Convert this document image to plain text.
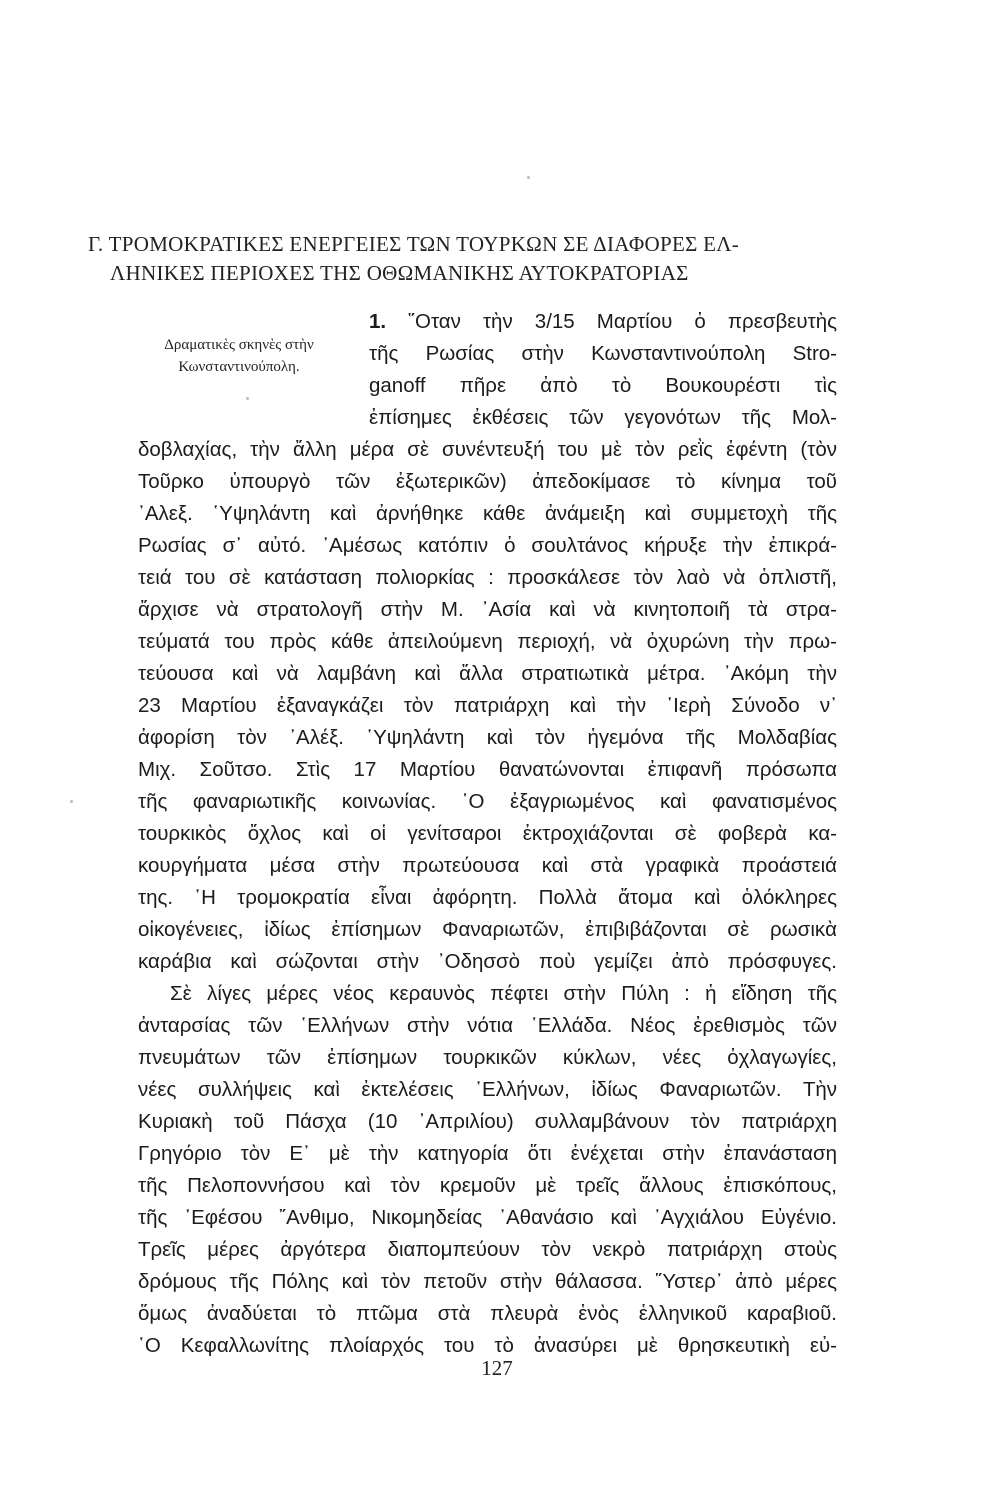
Γ. ΤΡΟΜΟΚΡΑΤΙΚΕΣ ΕΝΕΡΓΕΙΕΣ ΤΩΝ ΤΟΥΡΚΩΝ ΣΕ ΔΙΑΦΟΡΕΣ ΕΛ-
ΛΗΝΙΚΕΣ ΠΕΡΙΟΧΕΣ ΤΗΣ ΟΘΩΜΑΝΙΚΗΣ ΑΥΤΟΚΡΑΤΟΡΙΑΣ
Δραματικὲς σκηνὲς στὴν
Κωνσταντινούπολη.
1. ῞Οταν τὴν 3/15 Μαρτίου ὁ πρεσβευτὴς
τῆς Ρωσίας στὴν Κωνσταντινούπολη Stro-
ganoff πῆρε ἀπὸ τὸ Βουκουρέστι τὶς
ἐπίσημες ἐκθέσεις τῶν γεγονότων τῆς Μολ-
δοβλαχίας, τὴν ἄλλη μέρα σὲ συνέντευξή του μὲ τὸν ρεῒς ἐφέντη (τὸν
Τοῦρκο ὑπουργὸ τῶν ἐξωτερικῶν) ἀπεδοκίμασε τὸ κίνημα τοῦ
᾿Αλεξ. ῾Υψηλάντη καὶ ἀρνήθηκε κάθε ἀνάμειξη καὶ συμμετοχὴ τῆς
Ρωσίας σ᾿ αὐτό. ᾿Αμέσως κατόπιν ὁ σουλτάνος κήρυξε τὴν ἐπικρά-
τειά του σὲ κατάσταση πολιορκίας : προσκάλεσε τὸν λαὸ νὰ ὁπλιστῆ,
ἄρχισε νὰ στρατολογῆ στὴν Μ. ᾿Ασία καὶ νὰ κινητοποιῆ τὰ στρα-
τεύματά του πρὸς κάθε ἀπειλούμενη περιοχή, νὰ ὀχυρώνη τὴν πρω-
τεύουσα καὶ νὰ λαμβάνη καὶ ἄλλα στρατιωτικὰ μέτρα. ᾿Ακόμη τὴν
23 Μαρτίου ἐξαναγκάζει τὸν πατριάρχη καὶ τὴν ῾Ιερὴ Σύνοδο ν᾿
ἀφορίση τὸν ᾿Αλέξ. ῾Υψηλάντη καὶ τὸν ἡγεμόνα τῆς Μολδαβίας
Μιχ. Σοῦτσο. Στὶς 17 Μαρτίου θανατώνονται ἐπιφανῆ πρόσωπα
τῆς φαναριωτικῆς κοινωνίας. ῾Ο ἐξαγριωμένος καὶ φανατισμένος
τουρκικὸς ὄχλος καὶ οἱ γενίτσαροι ἐκτροχιάζονται σὲ φοβερὰ κα-
κουργήματα μέσα στὴν πρωτεύουσα καὶ στὰ γραφικὰ προάστειά
της. ῾Η τρομοκρατία εἶναι ἀφόρητη. Πολλὰ ἄτομα καὶ ὁλόκληρες
οἰκογένειες, ἰδίως ἐπίσημων Φαναριωτῶν, ἐπιβιβάζονται σὲ ρωσικὰ
καράβια καὶ σώζονται στὴν ᾿Οδησσὸ ποὺ γεμίζει ἀπὸ πρόσφυγες.
Σὲ λίγες μέρες νέος κεραυνὸς πέφτει στὴν Πύλη : ἡ εἴδηση τῆς
ἀνταρσίας τῶν ῾Ελλήνων στὴν νότια ῾Ελλάδα. Νέος ἐρεθισμὸς τῶν
πνευμάτων τῶν ἐπίσημων τουρκικῶν κύκλων, νέες ὀχλαγωγίες,
νέες συλλήψεις καὶ ἐκτελέσεις ῾Ελλήνων, ἰδίως Φαναριωτῶν. Τὴν
Κυριακὴ τοῦ Πάσχα (10 ᾿Απριλίου) συλλαμβάνουν τὸν πατριάρχη
Γρηγόριο τὸν Ε᾿ μὲ τὴν κατηγορία ὅτι ἐνέχεται στὴν ἐπανάσταση
τῆς Πελοποννήσου καὶ τὸν κρεμοῦν μὲ τρεῖς ἄλλους ἐπισκόπους,
τῆς ᾿Εφέσου ῎Ανθιμο, Νικομηδείας ᾿Αθανάσιο καὶ ᾿Αγχιάλου Εὐγένιο.
Τρεῖς μέρες ἀργότερα διαπομπεύουν τὸν νεκρὸ πατριάρχη στοὺς
δρόμους τῆς Πόλης καὶ τὸν πετοῦν στὴν θάλασσα. ῞Υστερ᾿ ἀπὸ μέρες
ὅμως ἀναδύεται τὸ πτῶμα στὰ πλευρὰ ἑνὸς ἑλληνικοῦ καραβιοῦ.
῾Ο Κεφαλλωνίτης πλοίαρχός του τὸ ἀνασύρει μὲ θρησκευτικὴ εὐ-
127
